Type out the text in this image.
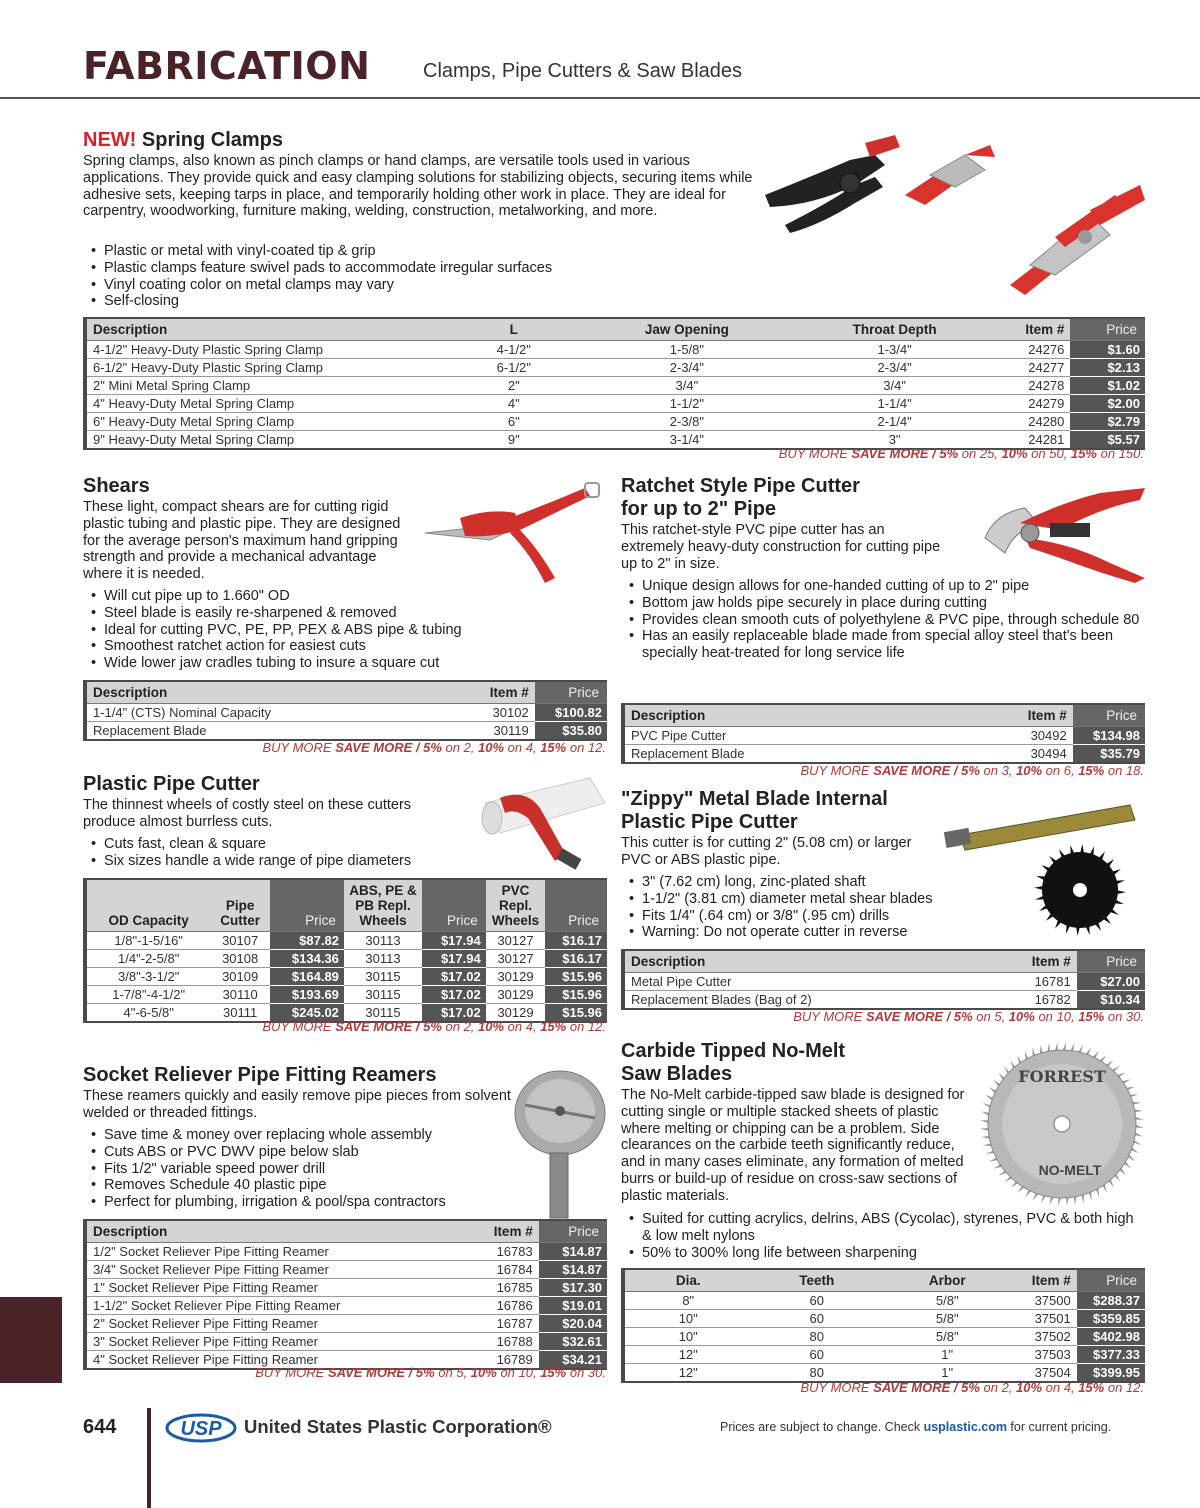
FABRICATION	Clamps, Pipe Cutters & Saw Blades
NEW! Spring Clamps
Spring clamps, also known as pinch clamps or hand clamps, are versatile tools used in various applications. They provide quick and easy clamping solutions for stabilizing objects, securing items while adhesive sets, keeping tarps in place, and temporarily holding other work in place. They are ideal for carpentry, woodworking, furniture making, welding, construction, metalworking, and more.
• Plastic or metal with vinyl-coated tip & grip
• Plastic clamps feature swivel pads to accommodate irregular surfaces
• Vinyl coating color on metal clamps may vary
• Self-closing
Description	L	Jaw Opening	Throat Depth	Item #	Price
4-1/2" Heavy-Duty Plastic Spring Clamp	4-1/2"	1-5/8"	1-3/4"	24276	$1.60
6-1/2" Heavy-Duty Plastic Spring Clamp	6-1/2"	2-3/4"	2-3/4"	24277	$2.13
2" Mini Metal Spring Clamp	2"	3/4"	3/4"	24278	$1.02
4" Heavy-Duty Metal Spring Clamp	4"	1-1/2"	1-1/4"	24279	$2.00
6" Heavy-Duty Metal Spring Clamp	6"	2-3/8"	2-1/4"	24280	$2.79
9" Heavy-Duty Metal Spring Clamp	9"	3-1/4"	3"	24281	$5.57
BUY MORE SAVE MORE / 5% on 25, 10% on 50, 15% on 150.
Shears
These light, compact shears are for cutting rigid plastic tubing and plastic pipe. They are designed for the average person's maximum hand gripping strength and provide a mechanical advantage where it is needed.
• Will cut pipe up to 1.660" OD
• Steel blade is easily re-sharpened & removed
• Ideal for cutting PVC, PE, PP, PEX & ABS pipe & tubing
• Smoothest ratchet action for easiest cuts
• Wide lower jaw cradles tubing to insure a square cut
Description	Item #	Price
1-1/4" (CTS) Nominal Capacity	30102	$100.82
Replacement Blade	30119	$35.80
BUY MORE SAVE MORE / 5% on 2, 10% on 4, 15% on 12.
Ratchet Style Pipe Cutter
for up to 2" Pipe
This ratchet-style PVC pipe cutter has an extremely heavy-duty construction for cutting pipe up to 2" in size.
• Unique design allows for one-handed cutting of up to 2" pipe
• Bottom jaw holds pipe securely in place during cutting
• Provides clean smooth cuts of polyethylene & PVC pipe, through schedule 80
• Has an easily replaceable blade made from special alloy steel that's been specially heat-treated for long service life
Description	Item #	Price
PVC Pipe Cutter	30492	$134.98
Replacement Blade	30494	$35.79
BUY MORE SAVE MORE / 5% on 3, 10% on 6, 15% on 18.
Plastic Pipe Cutter
The thinnest wheels of costly steel on these cutters produce almost burrless cuts.
• Cuts fast, clean & square
• Six sizes handle a wide range of pipe diameters
OD Capacity	Pipe Cutter	Price	ABS, PE & PB Repl. Wheels	Price	PVC Repl. Wheels	Price
1/8"-1-5/16"	30107	$87.82	30113	$17.94	30127	$16.17
1/4"-2-5/8"	30108	$134.36	30113	$17.94	30127	$16.17
3/8"-3-1/2"	30109	$164.89	30115	$17.02	30129	$15.96
1-7/8"-4-1/2"	30110	$193.69	30115	$17.02	30129	$15.96
4"-6-5/8"	30111	$245.02	30115	$17.02	30129	$15.96
BUY MORE SAVE MORE / 5% on 2, 10% on 4, 15% on 12.
"Zippy" Metal Blade Internal
Plastic Pipe Cutter
This cutter is for cutting 2" (5.08 cm) or larger PVC or ABS plastic pipe.
• 3" (7.62 cm) long, zinc-plated shaft
• 1-1/2" (3.81 cm) diameter metal shear blades
• Fits 1/4" (.64 cm) or 3/8" (.95 cm) drills
• Warning: Do not operate cutter in reverse
Description	Item #	Price
Metal Pipe Cutter	16781	$27.00
Replacement Blades (Bag of 2)	16782	$10.34
BUY MORE SAVE MORE / 5% on 5, 10% on 10, 15% on 30.
Socket Reliever Pipe Fitting Reamers
These reamers quickly and easily remove pipe pieces from solvent welded or threaded fittings.
• Save time & money over replacing whole assembly
• Cuts ABS or PVC DWV pipe below slab
• Fits 1/2" variable speed power drill
• Removes Schedule 40 plastic pipe
• Perfect for plumbing, irrigation & pool/spa contractors
Description	Item #	Price
1/2" Socket Reliever Pipe Fitting Reamer	16783	$14.87
3/4" Socket Reliever Pipe Fitting Reamer	16784	$14.87
1" Socket Reliever Pipe Fitting Reamer	16785	$17.30
1-1/2" Socket Reliever Pipe Fitting Reamer	16786	$19.01
2" Socket Reliever Pipe Fitting Reamer	16787	$20.04
3" Socket Reliever Pipe Fitting Reamer	16788	$32.61
4" Socket Reliever Pipe Fitting Reamer	16789	$34.21
BUY MORE SAVE MORE / 5% on 5, 10% on 10, 15% on 30.
Carbide Tipped No-Melt
Saw Blades
The No-Melt carbide-tipped saw blade is designed for cutting single or multiple stacked sheets of plastic where melting or chipping can be a problem. Side clearances on the carbide teeth significantly reduce, and in many cases eliminate, any formation of melted burrs or build-up of residue on cross-saw sections of plastic materials.
• Suited for cutting acrylics, delrins, ABS (Cycolac), styrenes, PVC & both high & low melt nylons
• 50% to 300% long life between sharpening
FORREST
NO-MELT
Dia.	Teeth	Arbor	Item #	Price
8"	60	5/8"	37500	$288.37
10"	60	5/8"	37501	$359.85
10"	80	5/8"	37502	$402.98
12"	60	1"	37503	$377.33
12"	80	1"	37504	$399.95
BUY MORE SAVE MORE / 5% on 2, 10% on 4, 15% on 12.
644	USP United States Plastic Corporation®	Prices are subject to change. Check usplastic.com for current pricing.
